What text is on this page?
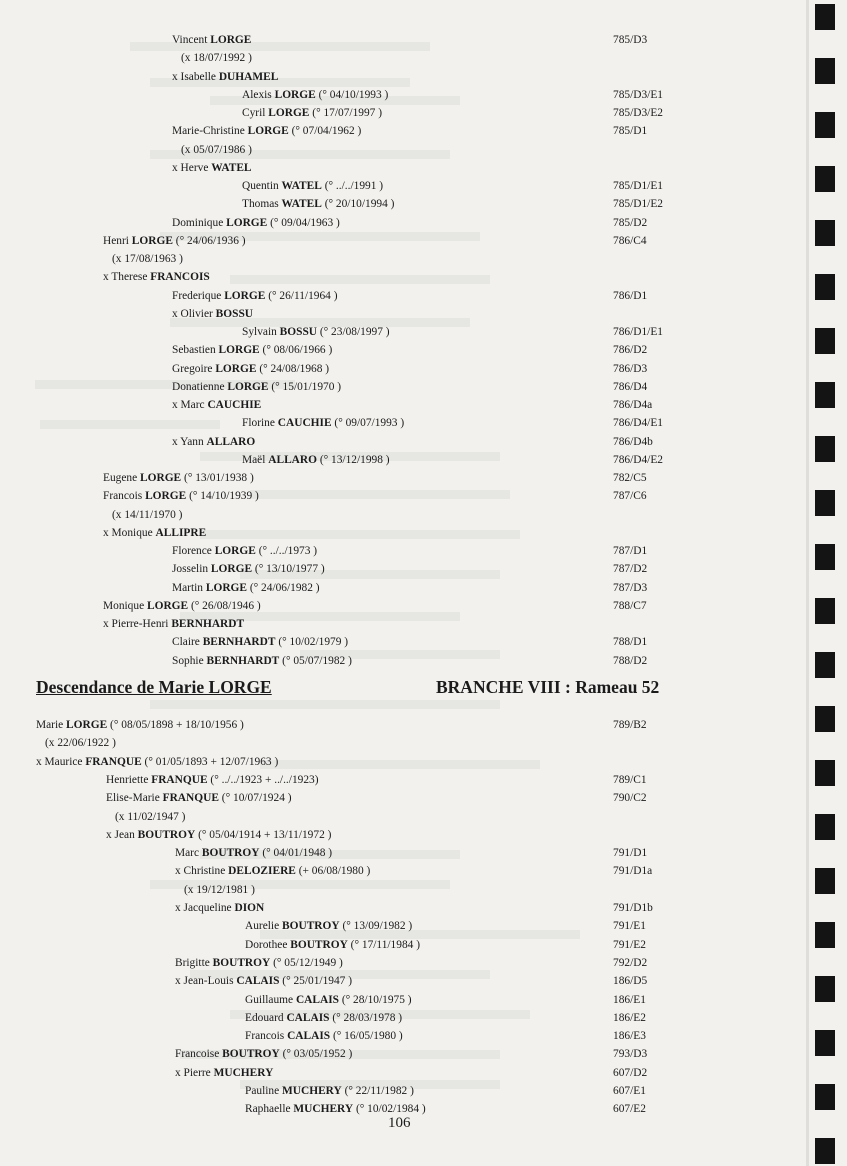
Vincent LORGE	785/D3
(x 18/07/1992 )
x Isabelle DUHAMEL
Alexis LORGE (° 04/10/1993 )	785/D3/E1
Cyril LORGE (° 17/07/1997 )	785/D3/E2
Marie-Christine LORGE (° 07/04/1962 )	785/D1
(x 05/07/1986 )
x Herve WATEL
Quentin WATEL (° ../../1991 )	785/D1/E1
Thomas WATEL (° 20/10/1994 )	785/D1/E2
Dominique LORGE (° 09/04/1963 )	785/D2
Henri LORGE (° 24/06/1936 )	786/C4
(x 17/08/1963 )
x Therese FRANCOIS
Frederique LORGE (° 26/11/1964 )	786/D1
x Olivier BOSSU
Sylvain BOSSU (° 23/08/1997 )	786/D1/E1
Sebastien LORGE (° 08/06/1966 )	786/D2
Gregoire LORGE (° 24/08/1968 )	786/D3
Donatienne LORGE (° 15/01/1970 )	786/D4
x Marc CAUCHIE	786/D4a
Florine CAUCHIE (° 09/07/1993 )	786/D4/E1
x Yann ALLARO	786/D4b
Maël ALLARO (° 13/12/1998 )	786/D4/E2
Eugene LORGE (° 13/01/1938 )	782/C5
Francois LORGE (° 14/10/1939 )	787/C6
(x 14/11/1970 )
x Monique ALLIPRE
Florence LORGE (° ../../1973 )	787/D1
Josselin LORGE (° 13/10/1977 )	787/D2
Martin LORGE (° 24/06/1982 )	787/D3
Monique LORGE (° 26/08/1946 )	788/C7
x Pierre-Henri BERNHARDT
Claire BERNHARDT (° 10/02/1979 )	788/D1
Sophie BERNHARDT (° 05/07/1982 )	788/D2
Descendance de Marie LORGE	BRANCHE VIII : Rameau 52
Marie LORGE (° 08/05/1898 + 18/10/1956 )	789/B2
(x 22/06/1922 )
x Maurice FRANQUE (° 01/05/1893 + 12/07/1963 )
Henriette FRANQUE (° ../../1923 + ../../1923)	789/C1
Elise-Marie FRANQUE (° 10/07/1924 )	790/C2
(x 11/02/1947 )
x Jean BOUTROY (° 05/04/1914 + 13/11/1972 )
Marc BOUTROY (° 04/01/1948 )	791/D1
x Christine DELOZIERE (+ 06/08/1980 )	791/D1a
(x 19/12/1981 )
x Jacqueline DION	791/D1b
Aurelie BOUTROY (° 13/09/1982 )	791/E1
Dorothee BOUTROY (° 17/11/1984 )	791/E2
Brigitte BOUTROY (° 05/12/1949 )	792/D2
x Jean-Louis CALAIS (° 25/01/1947 )	186/D5
Guillaume CALAIS (° 28/10/1975 )	186/E1
Edouard CALAIS (° 28/03/1978 )	186/E2
Francois CALAIS (° 16/05/1980 )	186/E3
Francoise BOUTROY (° 03/05/1952 )	793/D3
x Pierre MUCHERY	607/D2
Pauline MUCHERY (° 22/11/1982 )	607/E1
Raphaelle MUCHERY (° 10/02/1984 )	607/E2
106
